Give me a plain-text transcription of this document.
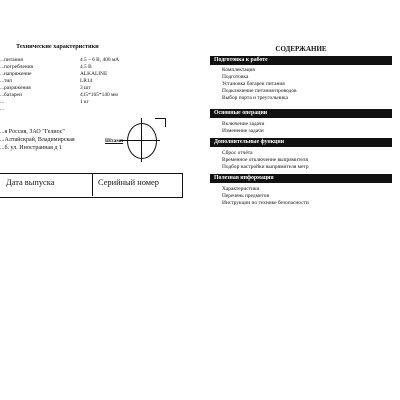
Технические характеристики
...питания
...потребления
...напряжение
...тип
...разряжения
...батареи
...
...
4.5 – 6 В, 400 мА
4.5 В
ALKALINE
LR14
3 шт
415*165*140 мм
1 кг
...я Россия, ЗАО "Гелиос"
...Алтайскрай, Владимирская
...б. ул. Иностранная д 1
Штамп
Дата выпуска	Серийный номер
СОДЕРЖАНИЕ
Подготовка к работе
Комплектация
Подготовка
Установка батареи питания
Подключение питания/проводов
Выбор порта и треугольника
Основные операции
Включение задачи
Изменение задачи
Дополнительные функции
Сброс отчёта
Временное отключение выпрямителя
Подбор настройки выпрямителя метр
Полезная информация
Характеристики
Перечень предметов
Инструкции по технике безопасности
